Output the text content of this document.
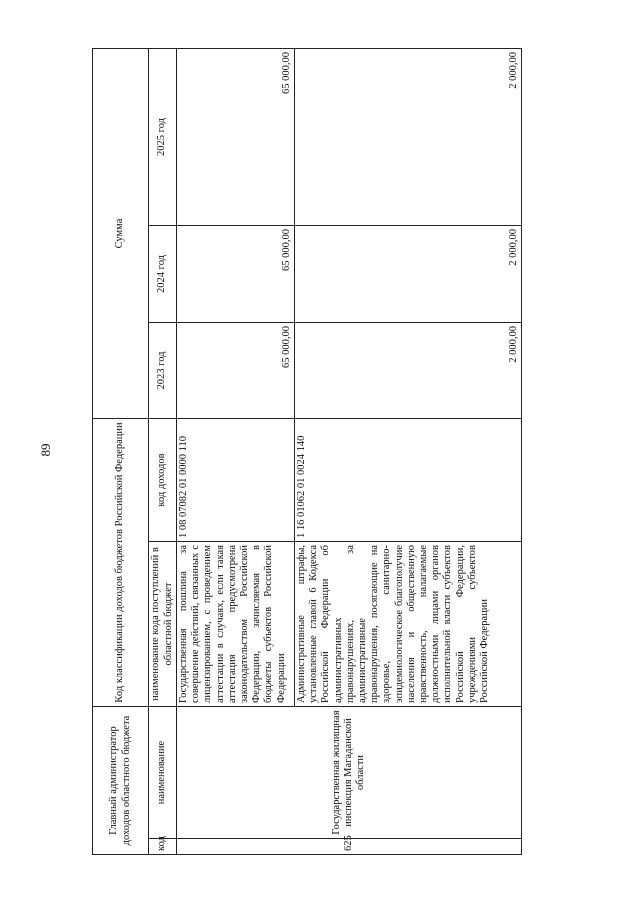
89
Главный администратор доходов областного бюджета		Код классификации доходов бюджетов Российской Федерации		Сумма		
код	наименование	наименование кода поступлений в областной бюджет	код доходов	2023 год	2024 год	2025 год
625	Государственная жилищная инспекция Магаданской области	Государственная пошлина за совершение действий, связанных с лицензированием, с проведением аттестации в случаях, если такая аттестация предусмотрена законодательством Российской Федерации, зачисляемая в бюджеты субъектов Российской Федерации	1 08 07082 01 0000 110	65 000,00	65 000,00	65 000,00
		Административные штрафы, установленные главой 6 Кодекса Российской Федерации об административных правонарушениях, за административные правонарушения, посягающие на здоровье, санитарно-эпидемиологическое благополучие населения и общественную нравственность, налагаемые должностными лицами органов исполнительной власти субъектов Российской Федерации, учреждениями субъектов Российской Федерации	1 16 01062 01 0024 140	2 000,00	2 000,00	2 000,00
